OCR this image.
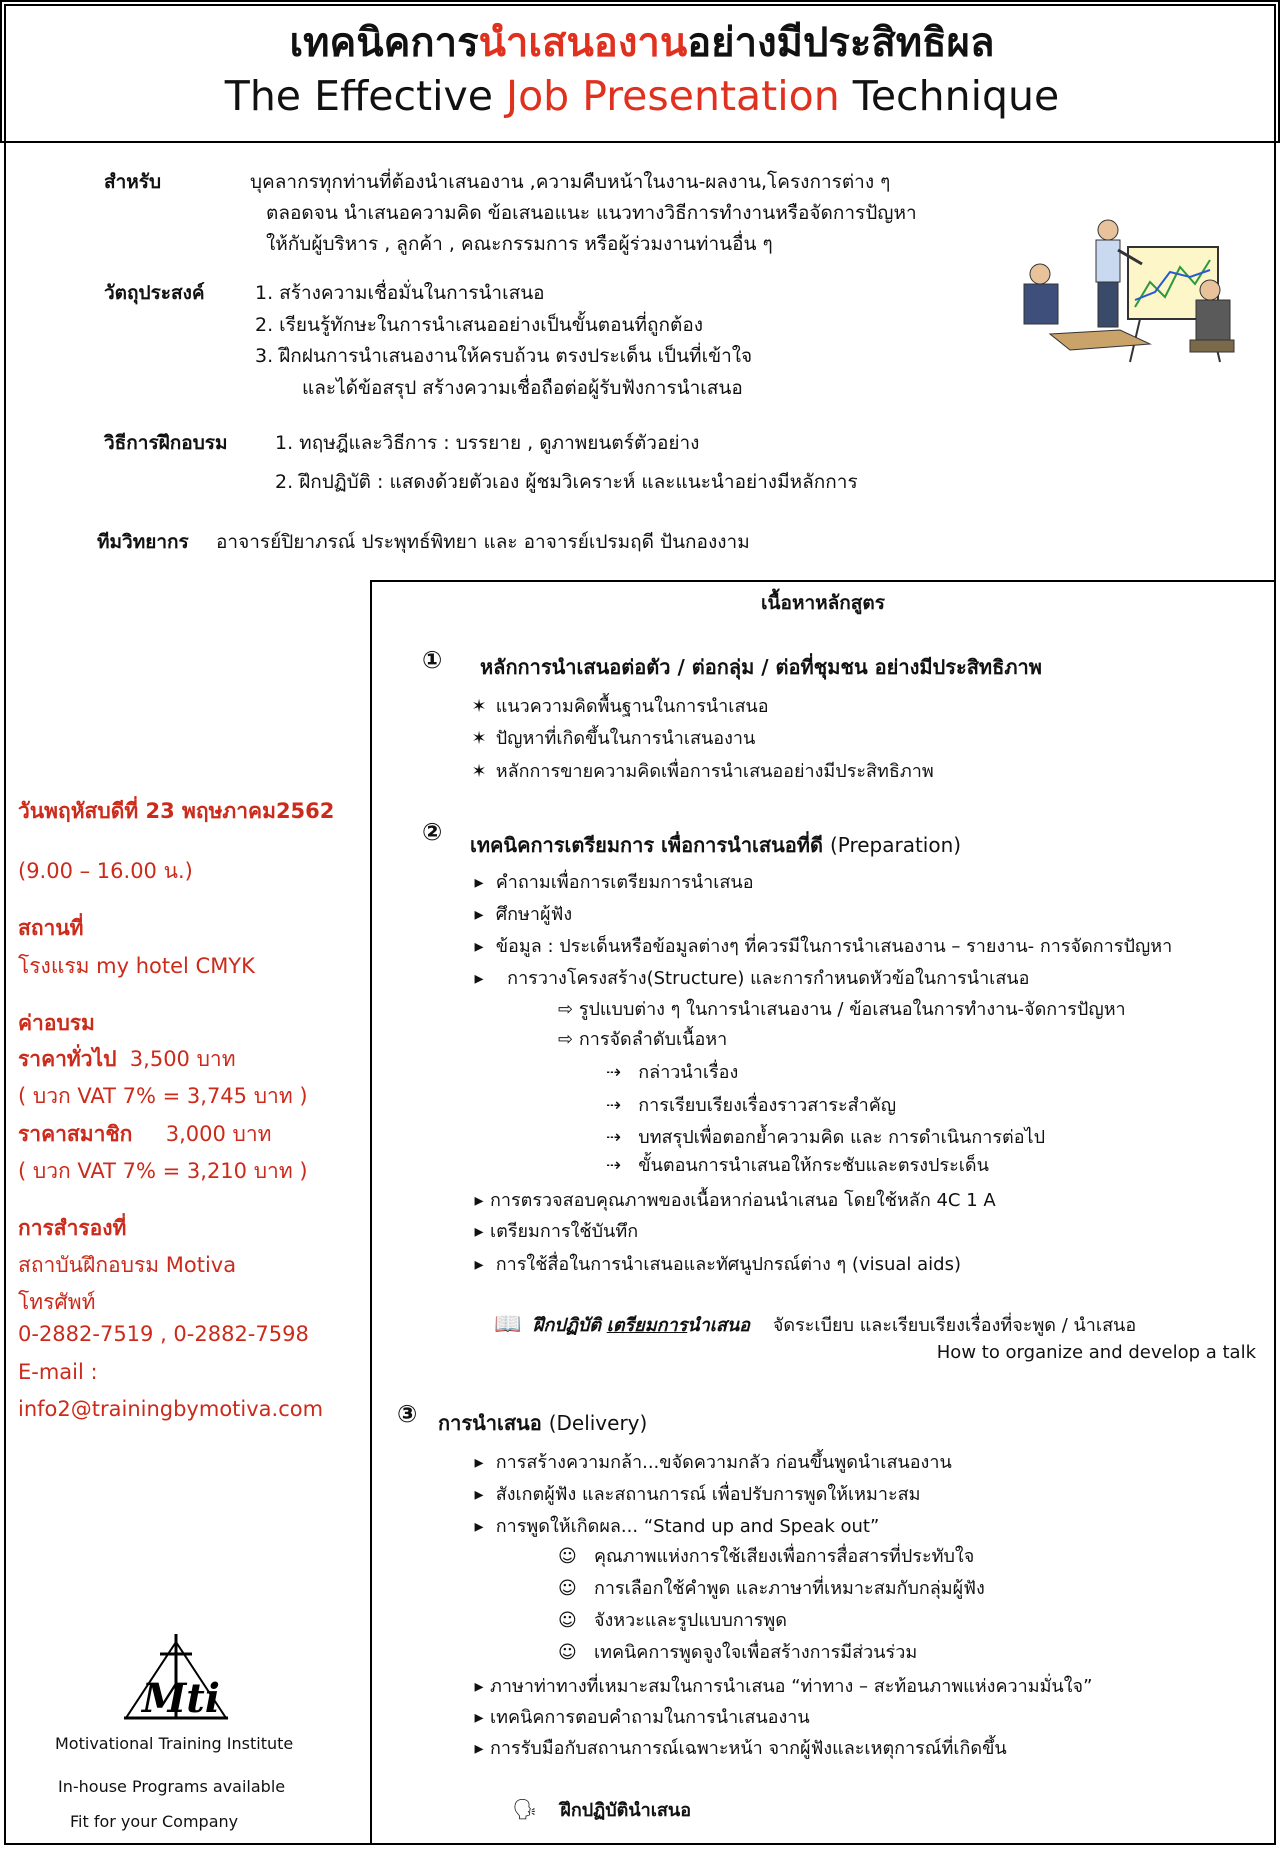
เทคนิคการนำเสนองานอย่างมีประสิทธิผล
The Effective Job Presentation Technique
สำหรับ	บุคลากรทุกท่านที่ต้องนำเสนองาน ,ความคืบหน้าในงาน-ผลงาน,โครงการต่าง ๆ
ตลอดจน นำเสนอความคิด ข้อเสนอแนะ แนวทางวิธีการทำงานหรือจัดการปัญหา
ให้กับผู้บริหาร , ลูกค้า , คณะกรรมการ หรือผู้ร่วมงานท่านอื่น ๆ
วัตถุประสงค์	1. สร้างความเชื่อมั่นในการนำเสนอ
2. เรียนรู้ทักษะในการนำเสนออย่างเป็นขั้นตอนที่ถูกต้อง
3. ฝึกฝนการนำเสนองานให้ครบถ้วน ตรงประเด็น เป็นที่เข้าใจ
และได้ข้อสรุป สร้างความเชื่อถือต่อผู้รับฟังการนำเสนอ
วิธีการฝึกอบรม	1. ทฤษฎีและวิธีการ : บรรยาย , ดูภาพยนตร์ตัวอย่าง
2. ฝึกปฏิบัติ : แสดงด้วยตัวเอง ผู้ชมวิเคราะห์ และแนะนำอย่างมีหลักการ
ทีมวิทยากร อาจารย์ปิยาภรณ์ ประพุทธ์พิทยา และ อาจารย์เปรมฤดี ปันกองงาม
วันพฤหัสบดีที่ 23 พฤษภาคม2562
(9.00 – 16.00 น.)
สถานที่
โรงแรม my hotel CMYK
ค่าอบรม
ราคาทั่วไป 3,500 บาท
( บวก VAT 7% = 3,745 บาท )
ราคาสมาชิก 3,000 บาท
( บวก VAT 7% = 3,210 บาท )
การสำรองที่
สถาบันฝึกอบรม Motiva
โทรศัพท์
0-2882-7519 , 0-2882-7598
E-mail :
info2@trainingbymotiva.com
Mti
Motivational Training Institute
In-house Programs available
Fit for your Company
เนื้อหาหลักสูตร
① หลักการนำเสนอต่อตัว / ต่อกลุ่ม / ต่อที่ชุมชน อย่างมีประสิทธิภาพ
✶ แนวความคิดพื้นฐานในการนำเสนอ
✶ ปัญหาที่เกิดขึ้นในการนำเสนองาน
✶ หลักการขายความคิดเพื่อการนำเสนออย่างมีประสิทธิภาพ
② เทคนิคการเตรียมการ เพื่อการนำเสนอที่ดี (Preparation)
▸ คำถามเพื่อการเตรียมการนำเสนอ
▸ ศึกษาผู้ฟัง
▸ ข้อมูล : ประเด็นหรือข้อมูลต่างๆ ที่ควรมีในการนำเสนองาน – รายงาน- การจัดการปัญหา
▸ การวางโครงสร้าง(Structure) และการกำหนดหัวข้อในการนำเสนอ
⇨ รูปแบบต่าง ๆ ในการนำเสนองาน / ข้อเสนอในการทำงาน-จัดการปัญหา
⇨ การจัดลำดับเนื้อหา
⇢ กล่าวนำเรื่อง
⇢ การเรียบเรียงเรื่องราวสาระสำคัญ
⇢ บทสรุปเพื่อตอกย้ำความคิด และ การดำเนินการต่อไป
⇢ ขั้นตอนการนำเสนอให้กระชับและตรงประเด็น
▸ การตรวจสอบคุณภาพของเนื้อหาก่อนนำเสนอ โดยใช้หลัก 4C 1 A
▸ เตรียมการใช้บันทึก
▸ การใช้สื่อในการนำเสนอและทัศนูปกรณ์ต่าง ๆ (visual aids)
📖 ฝึกปฏิบัติ เตรียมการนำเสนอ จัดระเบียบ และเรียบเรียงเรื่องที่จะพูด / นำเสนอ
How to organize and develop a talk
③ การนำเสนอ (Delivery)
▸ การสร้างความกล้า...ขจัดความกลัว ก่อนขึ้นพูดนำเสนองาน
▸ สังเกตผู้ฟัง และสถานการณ์ เพื่อปรับการพูดให้เหมาะสม
▸ การพูดให้เกิดผล... “Stand up and Speak out”
☺ คุณภาพแห่งการใช้เสียงเพื่อการสื่อสารที่ประทับใจ
☺ การเลือกใช้คำพูด และภาษาที่เหมาะสมกับกลุ่มผู้ฟัง
☺ จังหวะและรูปแบบการพูด
☺ เทคนิคการพูดจูงใจเพื่อสร้างการมีส่วนร่วม
▸ ภาษาท่าทางที่เหมาะสมในการนำเสนอ “ท่าทาง – สะท้อนภาพแห่งความมั่นใจ”
▸ เทคนิคการตอบคำถามในการนำเสนองาน
▸ การรับมือกับสถานการณ์เฉพาะหน้า จากผู้ฟังและเหตุการณ์ที่เกิดขึ้น
🗣 ฝึกปฏิบัตินำเสนอ
